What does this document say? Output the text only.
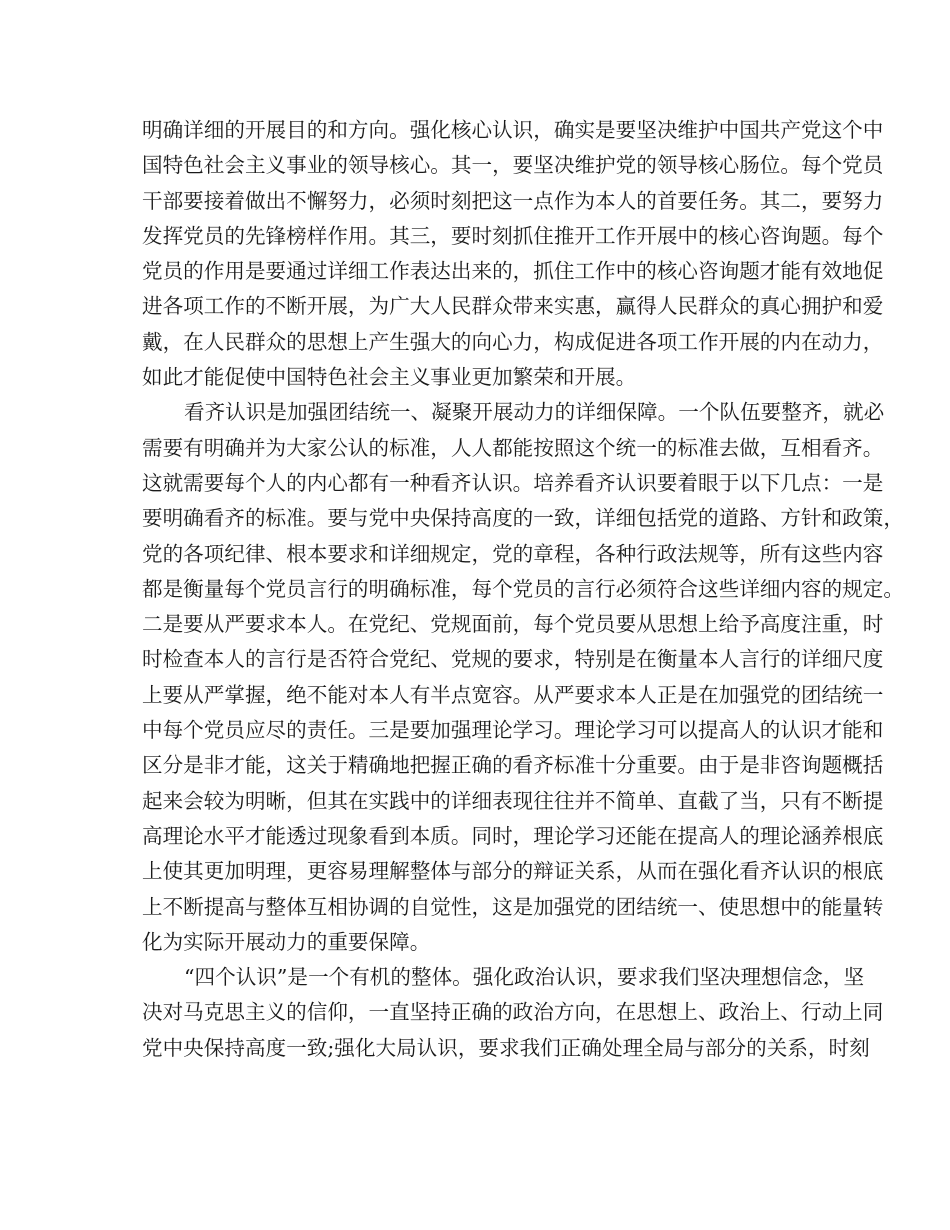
明确详细的开展目的和方向。强化核心认识，确实是要坚决维护中国共产党这个中
国特色社会主义事业的领导核心。其一，要坚决维护党的领导核心肠位。每个党员
干部要接着做出不懈努力，必须时刻把这一点作为本人的首要任务。其二，要努力
发挥党员的先锋榜样作用。其三，要时刻抓住推开工作开展中的核心咨询题。每个
党员的作用是要通过详细工作表达出来的，抓住工作中的核心咨询题才能有效地促
进各项工作的不断开展，为广大人民群众带来实惠，赢得人民群众的真心拥护和爱
戴，在人民群众的思想上产生强大的向心力，构成促进各项工作开展的内在动力，
如此才能促使中国特色社会主义事业更加繁荣和开展。

看齐认识是加强团结统一、凝聚开展动力的详细保障。一个队伍要整齐，就必
需要有明确并为大家公认的标准，人人都能按照这个统一的标准去做，互相看齐。
这就需要每个人的内心都有一种看齐认识。培养看齐认识要着眼于以下几点：一是
要明确看齐的标准。要与党中央保持高度的一致，详细包括党的道路、方针和政策，
党的各项纪律、根本要求和详细规定，党的章程，各种行政法规等，所有这些内容
都是衡量每个党员言行的明确标准，每个党员的言行必须符合这些详细内容的规定。
二是要从严要求本人。在党纪、党规面前，每个党员要从思想上给予高度注重，时
时检查本人的言行是否符合党纪、党规的要求，特别是在衡量本人言行的详细尺度
上要从严掌握，绝不能对本人有半点宽容。从严要求本人正是在加强党的团结统一
中每个党员应尽的责任。三是要加强理论学习。理论学习可以提高人的认识才能和
区分是非才能，这关于精确地把握正确的看齐标准十分重要。由于是非咨询题概括
起来会较为明晰，但其在实践中的详细表现往往并不简单、直截了当，只有不断提
高理论水平才能透过现象看到本质。同时，理论学习还能在提高人的理论涵养根底
上使其更加明理，更容易理解整体与部分的辩证关系，从而在强化看齐认识的根底
上不断提高与整体互相协调的自觉性，这是加强党的团结统一、使思想中的能量转
化为实际开展动力的重要保障。

“四个认识”是一个有机的整体。强化政治认识，要求我们坚决理想信念，坚
决对马克思主义的信仰，一直坚持正确的政治方向，在思想上、政治上、行动上同
党中央保持高度一致;强化大局认识，要求我们正确处理全局与部分的关系，时刻
